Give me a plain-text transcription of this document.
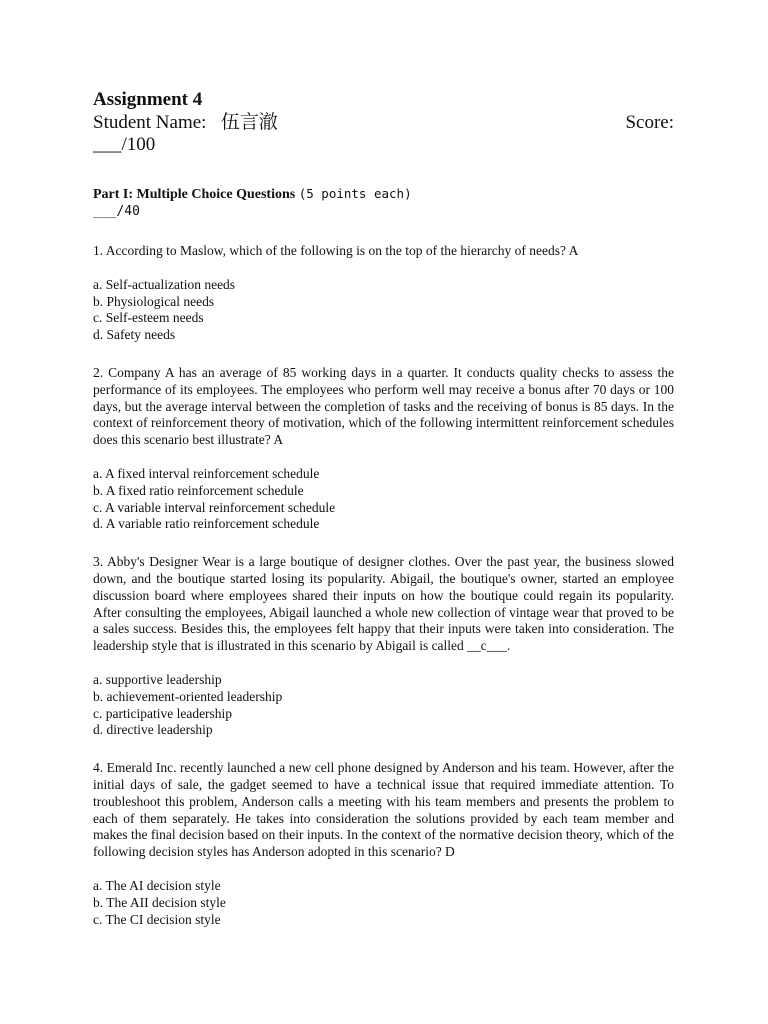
Assignment 4

Student Name:   伍言澈	Score:

___/100

Part I: Multiple Choice Questions (5 points each)

___/40

1. According to Maslow, which of the following is on the top of the hierarchy of needs? A

a. Self-actualization needs
b. Physiological needs
c. Self-esteem needs
d. Safety needs

2. Company A has an average of 85 working days in a quarter. It conducts quality checks to assess the performance of its employees. The employees who perform well may receive a bonus after 70 days or 100 days, but the average interval between the completion of tasks and the receiving of bonus is 85 days. In the context of reinforcement theory of motivation, which of the following intermittent reinforcement schedules does this scenario best illustrate? A

a. A fixed interval reinforcement schedule
b. A fixed ratio reinforcement schedule
c. A variable interval reinforcement schedule
d. A variable ratio reinforcement schedule

3. Abby's Designer Wear is a large boutique of designer clothes. Over the past year, the business slowed down, and the boutique started losing its popularity. Abigail, the boutique's owner, started an employee discussion board where employees shared their inputs on how the boutique could regain its popularity. After consulting the employees, Abigail launched a whole new collection of vintage wear that proved to be a sales success. Besides this, the employees felt happy that their inputs were taken into consideration. The leadership style that is illustrated in this scenario by Abigail is called __c___.

a. supportive leadership
b. achievement-oriented leadership
c. participative leadership
d. directive leadership

4. Emerald Inc. recently launched a new cell phone designed by Anderson and his team. However, after the initial days of sale, the gadget seemed to have a technical issue that required immediate attention. To troubleshoot this problem, Anderson calls a meeting with his team members and presents the problem to each of them separately. He takes into consideration the solutions provided by each team member and makes the final decision based on their inputs. In the context of the normative decision theory, which of the following decision styles has Anderson adopted in this scenario? D

a. The AI decision style
b. The AII decision style
c. The CI decision style
